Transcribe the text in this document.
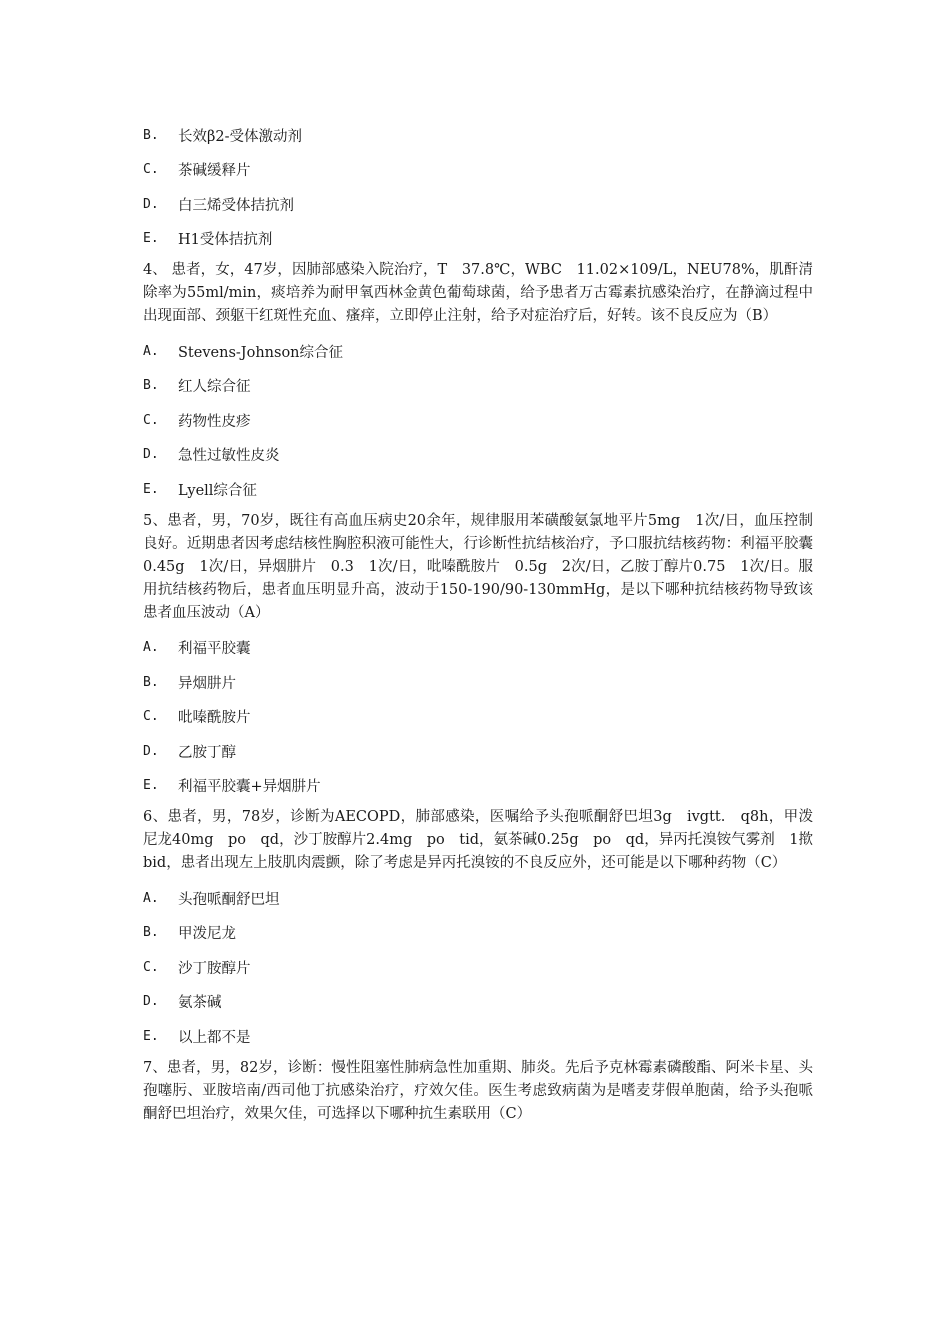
B.	长效β2-受体激动剂
C.	茶碱缓释片
D.	白三烯受体拮抗剂
E.	H1受体拮抗剂

4、 患者，女，47岁，因肺部感染入院治疗，T　37.8℃，WBC　11.02×109/L，NEU78%，肌酐清除率为55ml/min，痰培养为耐甲氧西林金黄色葡萄球菌，给予患者万古霉素抗感染治疗，在静滴过程中出现面部、颈躯干红斑性充血、瘙痒，立即停止注射，给予对症治疗后，好转。该不良反应为（B）

A.	Stevens-Johnson综合征
B.	红人综合征
C.	药物性皮疹
D.	急性过敏性皮炎
E.	Lyell综合征

5、患者，男，70岁，既往有高血压病史20余年，规律服用苯磺酸氨氯地平片5mg　1次/日，血压控制良好。近期患者因考虑结核性胸腔积液可能性大，行诊断性抗结核治疗，予口服抗结核药物：利福平胶囊0.45g　1次/日，异烟肼片　0.3　1次/日，吡嗪酰胺片　0.5g　2次/日，乙胺丁醇片0.75　1次/日。服用抗结核药物后，患者血压明显升高，波动于150-190/90-130mmHg，是以下哪种抗结核药物导致该患者血压波动（A）

A.	利福平胶囊
B.	异烟肼片
C.	吡嗪酰胺片
D.	乙胺丁醇
E.	利福平胶囊+异烟肼片

6、患者，男，78岁，诊断为AECOPD，肺部感染，医嘱给予头孢哌酮舒巴坦3g　ivgtt.　q8h，甲泼尼龙40mg　po　qd，沙丁胺醇片2.4mg　po　tid，氨茶碱0.25g　po　qd，异丙托溴铵气雾剂　1揿　bid，患者出现左上肢肌肉震颤，除了考虑是异丙托溴铵的不良反应外，还可能是以下哪种药物（C）

A.	头孢哌酮舒巴坦
B.	甲泼尼龙
C.	沙丁胺醇片
D.	氨茶碱
E.	以上都不是

7、患者，男，82岁，诊断：慢性阻塞性肺病急性加重期、肺炎。先后予克林霉素磷酸酯、阿米卡星、头孢噻肟、亚胺培南/西司他丁抗感染治疗，疗效欠佳。医生考虑致病菌为是嗜麦芽假单胞菌，给予头孢哌酮舒巴坦治疗，效果欠佳，可选择以下哪种抗生素联用（C）
